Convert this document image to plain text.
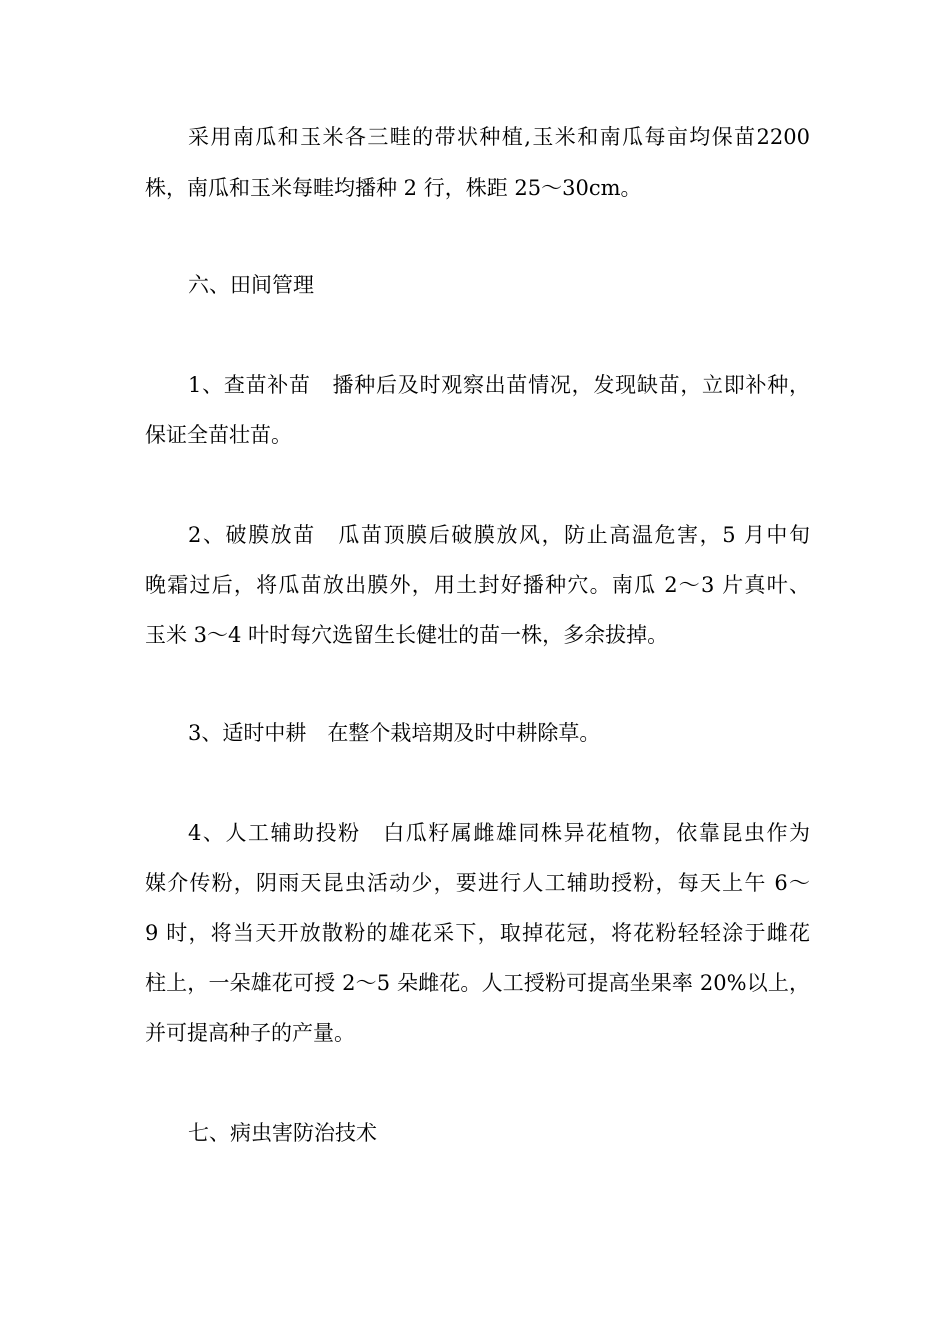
采用南瓜和玉米各三畦的带状种植,玉米和南瓜每亩均保苗2200
株，南瓜和玉米每畦均播种 2 行，株距 25～30cm。
六、田间管理
1、查苗补苗　播种后及时观察出苗情况，发现缺苗，立即补种，
保证全苗壮苗。
2、破膜放苗　瓜苗顶膜后破膜放风，防止高温危害，5 月中旬
晚霜过后，将瓜苗放出膜外，用土封好播种穴。南瓜 2～3 片真叶、
玉米 3～4 叶时每穴选留生长健壮的苗一株，多余拔掉。
3、适时中耕　在整个栽培期及时中耕除草。
4、人工辅助投粉　白瓜籽属雌雄同株异花植物，依靠昆虫作为
媒介传粉，阴雨天昆虫活动少，要进行人工辅助授粉，每天上午 6～
9 时，将当天开放散粉的雄花采下，取掉花冠，将花粉轻轻涂于雌花
柱上，一朵雄花可授 2～5 朵雌花。人工授粉可提高坐果率 20%以上，
并可提高种子的产量。
七、病虫害防治技术
